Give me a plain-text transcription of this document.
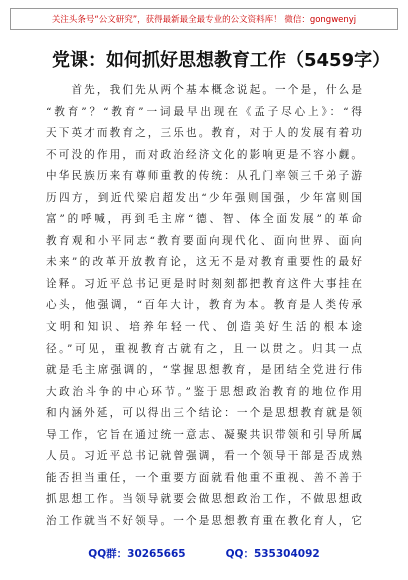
关注头条号“公文研究”，获得最新最全最专业的公文资料库！ 微信：gongwenyj
党课：如何抓好思想教育工作（5459字）
　　首先，我们先从两个基本概念说起。一个是，什么是
“教育”？“教育”一词最早出现在《孟子尽心上》：“得
天下英才而教育之，三乐也。教育，对于人的发展有着功
不可没的作用，而对政治经济文化的影响更是不容小觑。
中华民族历来有尊师重教的传统：从孔门率领三千弟子游
历四方，到近代梁启超发出“少年强则国强，少年富则国
富”的呼喊，再到毛主席“德、智、体全面发展”的革命
教育观和小平同志“教育要面向现代化、面向世界、面向
未来”的改革开放教育论，这无不是对教育重要性的最好
诠释。习近平总书记更是时时刻刻都把教育这件大事挂在
心头，他强调，“百年大计，教育为本。教育是人类传承
文明和知识、培养年轻一代、创造美好生活的根本途
径。”可见，重视教育古就有之，且一以贯之。归其一点
就是毛主席强调的，“掌握思想教育，是团结全党进行伟
大政治斗争的中心环节。”鉴于思想政治教育的地位作用
和内涵外延，可以得出三个结论：一个是思想教育就是领
导工作，它旨在通过统一意志、凝聚共识带领和引导所属
人员。习近平总书记就曾强调，看一个领导干部是否成熟
能否担当重任，一个重要方面就看他重不重视、善不善于
抓思想工作。当领导就要会做思想政治工作，不做思想政
治工作就当不好领导。一个是思想教育重在教化育人，它
QQ群：30265665	QQ：535304092
